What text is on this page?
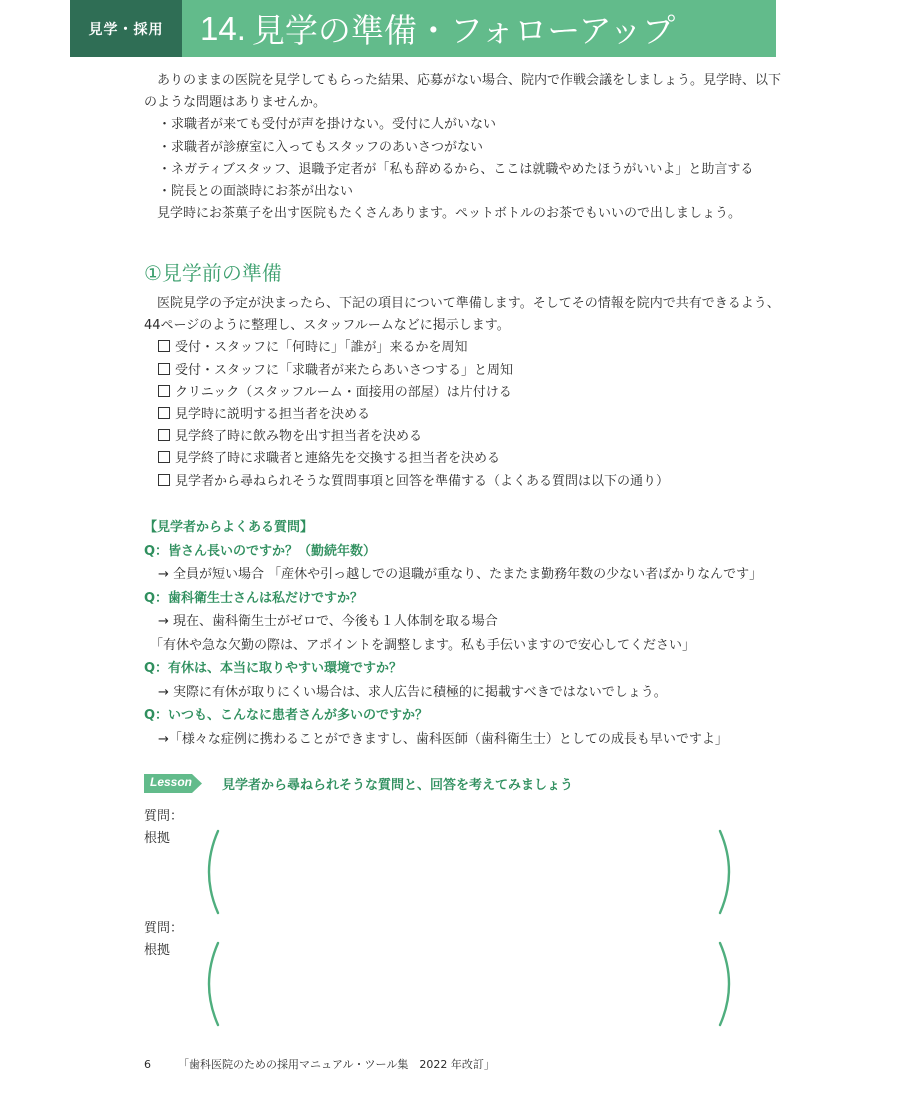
見学・採用	14. 見学の準備・フォローアップ
ありのままの医院を見学してもらった結果、応募がない場合、院内で作戦会議をしましょう。見学時、以下のような問題はありませんか。
・求職者が来ても受付が声を掛けない。受付に人がいない
・求職者が診療室に入ってもスタッフのあいさつがない
・ネガティブスタッフ、退職予定者が「私も辞めるから、ここは就職やめたほうがいいよ」と助言する
・院長との面談時にお茶が出ない
見学時にお茶菓子を出す医院もたくさんあります。ペットボトルのお茶でもいいので出しましょう。
①見学前の準備
医院見学の予定が決まったら、下記の項目について準備します。そしてその情報を院内で共有できるよう、44ページのように整理し、スタッフルームなどに掲示します。
受付・スタッフに「何時に」「誰が」来るかを周知
受付・スタッフに「求職者が来たらあいさつする」と周知
クリニック（スタッフルーム・面接用の部屋）は片付ける
見学時に説明する担当者を決める
見学終了時に飲み物を出す担当者を決める
見学終了時に求職者と連絡先を交換する担当者を決める
見学者から尋ねられそうな質問事項と回答を準備する（よくある質問は以下の通り）
【見学者からよくある質問】
Q：皆さん長いのですか？（勤続年数）
→ 全員が短い場合 「産休や引っ越しでの退職が重なり、たまたま勤務年数の少ない者ばかりなんです」
Q：歯科衛生士さんは私だけですか？
→ 現在、歯科衛生士がゼロで、今後も１人体制を取る場合
「有休や急な欠勤の際は、アポイントを調整します。私も手伝いますので安心してください」
Q：有休は、本当に取りやすい環境ですか？
→ 実際に有休が取りにくい場合は、求人広告に積極的に掲載すべきではないでしょう。
Q：いつも、こんなに患者さんが多いのですか？
→「様々な症例に携わることができますし、歯科医師（歯科衛生士）としての成長も早いですよ」
Lesson 見学者から尋ねられそうな質問と、回答を考えてみましょう
質問：
根拠
質問：
根拠
6 「歯科医院のための採用マニュアル・ツール集　2022 年改訂」
